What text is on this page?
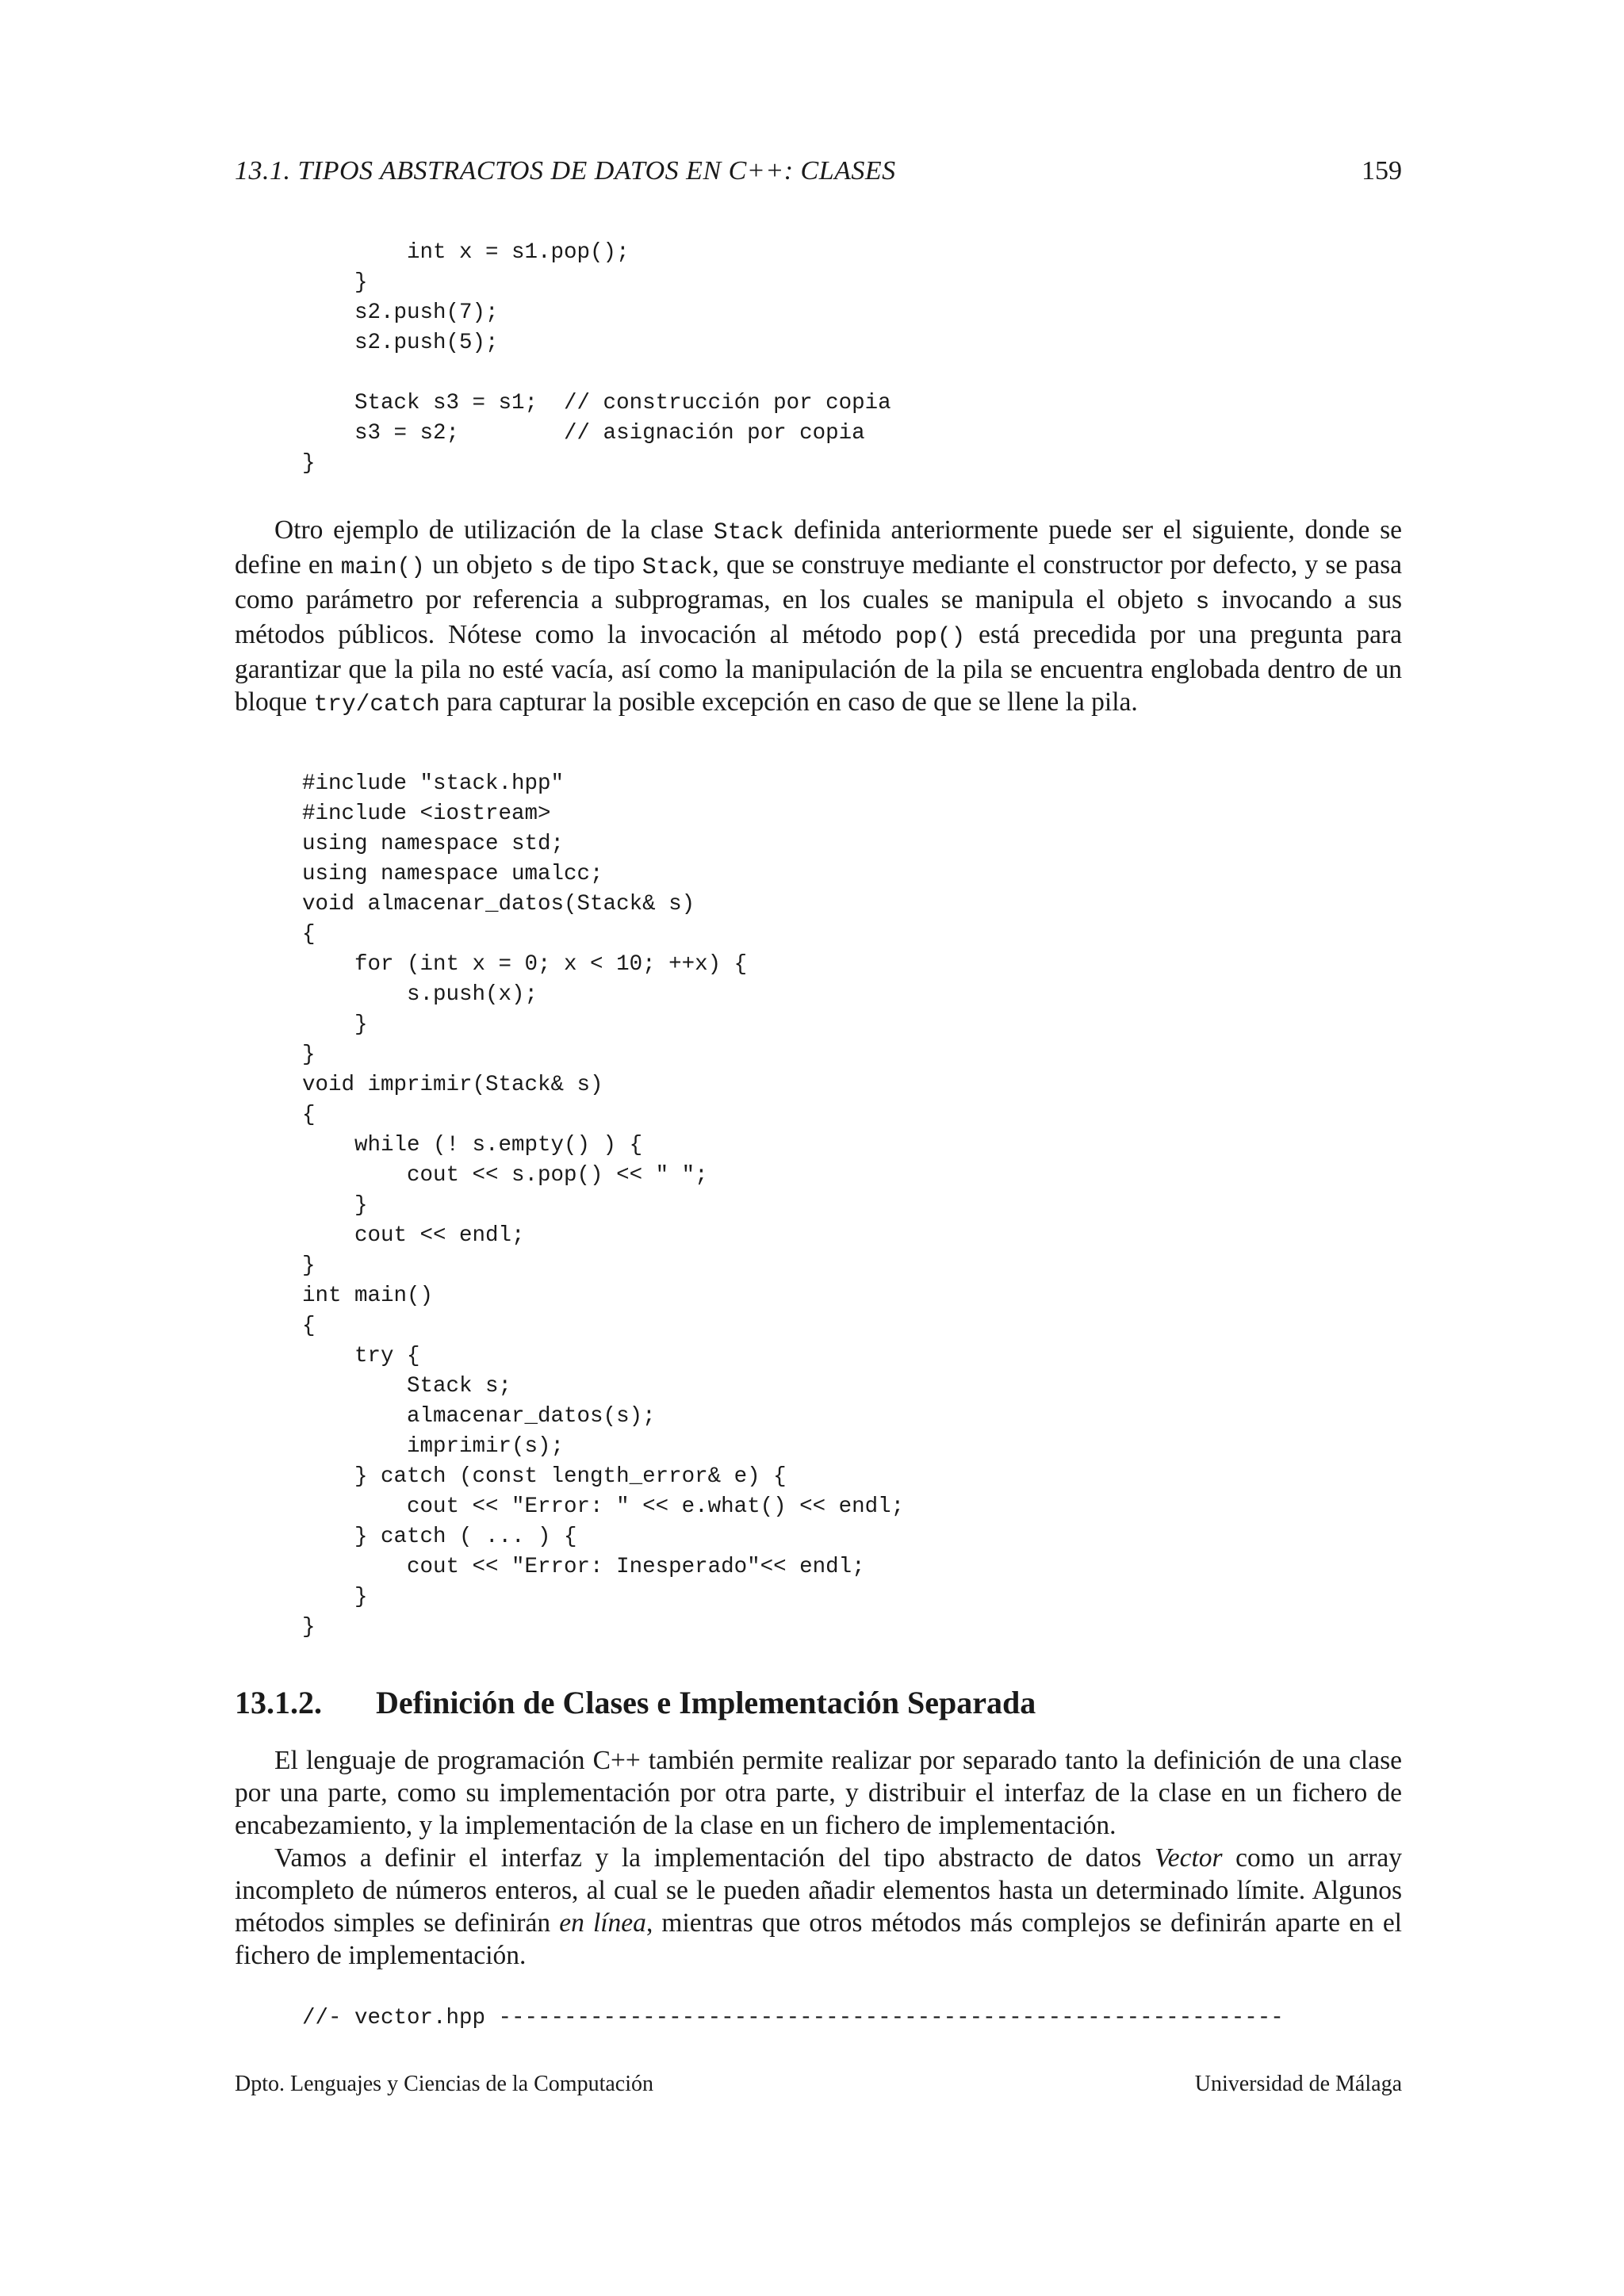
13.1. TIPOS ABSTRACTOS DE DATOS EN C++: CLASES	159
int x = s1.pop();
}
s2.push(7);
s2.push(5);

Stack s3 = s1;  // construcción por copia
s3 = s2;        // asignación por copia
}

Otro ejemplo de utilización de la clase Stack definida anteriormente puede ser el siguiente, donde se define en main() un objeto s de tipo Stack, que se construye mediante el constructor por defecto, y se pasa como parámetro por referencia a subprogramas, en los cuales se manipula el objeto s invocando a sus métodos públicos. Nótese como la invocación al método pop() está precedida por una pregunta para garantizar que la pila no esté vacía, así como la manipulación de la pila se encuentra englobada dentro de un bloque try/catch para capturar la posible excepción en caso de que se llene la pila.

#include "stack.hpp"
#include <iostream>
using namespace std;
using namespace umalcc;
void almacenar_datos(Stack& s)
{
for (int x = 0; x < 10; ++x) {
s.push(x);
}
}
void imprimir(Stack& s)
{
while (! s.empty() ) {
cout << s.pop() << " ";
}
cout << endl;
}
int main()
{
try {
Stack s;
almacenar_datos(s);
imprimir(s);
} catch (const length_error& e) {
cout << "Error: " << e.what() << endl;
} catch ( ... ) {
cout << "Error: Inesperado"<< endl;
}
}
13.1.2. Definición de Clases e Implementación Separada

El lenguaje de programación C++ también permite realizar por separado tanto la definición de una clase por una parte, como su implementación por otra parte, y distribuir el interfaz de la clase en un fichero de encabezamiento, y la implementación de la clase en un fichero de implementación.

Vamos a definir el interfaz y la implementación del tipo abstracto de datos Vector como un array incompleto de números enteros, al cual se le pueden añadir elementos hasta un determinado límite. Algunos métodos simples se definirán en línea, mientras que otros métodos más complejos se definirán aparte en el fichero de implementación.

//- vector.hpp ------------------------------------------------------------
Dpto. Lenguajes y Ciencias de la Computación	Universidad de Málaga
